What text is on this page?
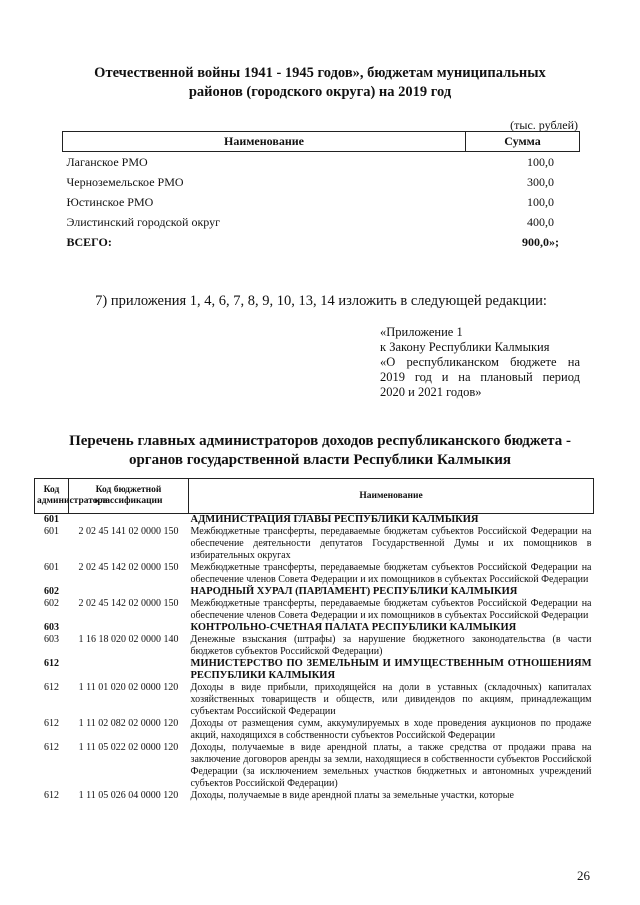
Отечественной войны 1941 - 1945 годов», бюджетам муниципальных
районов (городского округа) на 2019 год
(тыс. рублей)
Наименование	Сумма
Лаганское РМО	100,0
Черноземельское РМО	300,0
Юстинское РМО	100,0
Элистинский городской округ	400,0
ВСЕГО:	900,0»;
7) приложения 1, 4, 6, 7, 8, 9, 10, 13, 14 изложить в следующей редакции:
«Приложение 1
к Закону Республики Калмыкия
«О республиканском бюджете на
2019 год и на плановый период
2020 и 2021 годов»
Перечень главных администраторов доходов республиканского бюджета -
органов государственной власти Республики Калмыкия
Код администратора	Код бюджетной классификации	Наименование
601		АДМИНИСТРАЦИЯ ГЛАВЫ РЕСПУБЛИКИ КАЛМЫКИЯ
601	2 02 45 141 02 0000 150	Межбюджетные трансферты, передаваемые бюджетам субъектов Российской Федерации на обеспечение деятельности депутатов Государственной Думы и их помощников в избирательных округах
601	2 02 45 142 02 0000 150	Межбюджетные трансферты, передаваемые бюджетам субъектов Российской Федерации на обеспечение членов Совета Федерации и их помощников в субъектах Российской Федерации
602		НАРОДНЫЙ ХУРАЛ (ПАРЛАМЕНТ) РЕСПУБЛИКИ КАЛМЫКИЯ
602	2 02 45 142 02 0000 150	Межбюджетные трансферты, передаваемые бюджетам субъектов Российской Федерации на обеспечение членов Совета Федерации и их помощников в субъектах Российской Федерации
603		КОНТРОЛЬНО-СЧЕТНАЯ ПАЛАТА РЕСПУБЛИКИ КАЛМЫКИЯ
603	1 16 18 020 02 0000 140	Денежные взыскания (штрафы) за нарушение бюджетного законодательства (в части бюджетов субъектов Российской Федерации)
612		МИНИСТЕРСТВО ПО ЗЕМЕЛЬНЫМ И ИМУЩЕСТВЕННЫМ ОТНОШЕНИЯМ РЕСПУБЛИКИ КАЛМЫКИЯ
612	1 11 01 020 02 0000 120	Доходы в виде прибыли, приходящейся на доли в уставных (складочных) капиталах хозяйственных товариществ и обществ, или дивидендов по акциям, принадлежащим субъектам Российской Федерации
612	1 11 02 082 02 0000 120	Доходы от размещения сумм, аккумулируемых в ходе проведения аукционов по продаже акций, находящихся в собственности субъектов Российской Федерации
612	1 11 05 022 02 0000 120	Доходы, получаемые в виде арендной платы, а также средства от продажи права на заключение договоров аренды за земли, находящиеся в собственности субъектов Российской Федерации (за исключением земельных участков бюджетных и автономных учреждений субъектов Российской Федерации)
612	1 11 05 026 04 0000 120	Доходы, получаемые в виде арендной платы за земельные участки, которые
26
